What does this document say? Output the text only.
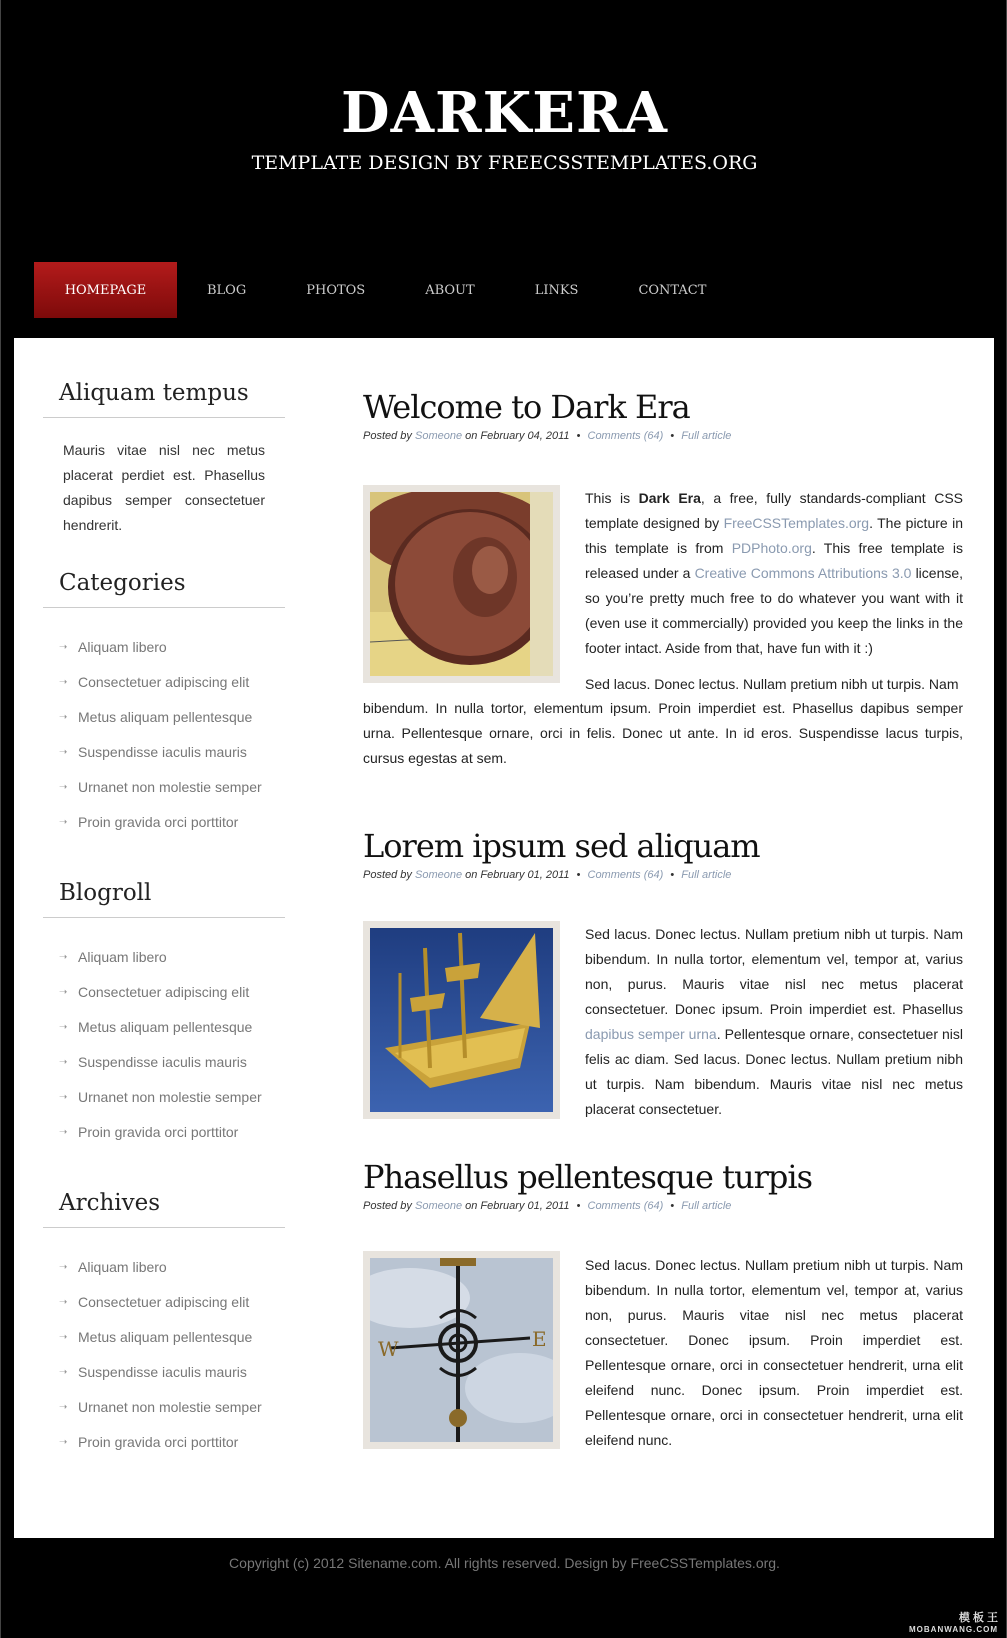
DARKERA
TEMPLATE DESIGN BY FREECSSTEMPLATES.ORG
HOMEPAGE	BLOG	PHOTOS	ABOUT	LINKS	CONTACT
Aliquam tempus
Mauris vitae nisl nec metus placerat perdiet est. Phasellus dapibus semper consectetuer hendrerit.
Categories
➝ Aliquam libero
➝ Consectetuer adipiscing elit
➝ Metus aliquam pellentesque
➝ Suspendisse iaculis mauris
➝ Urnanet non molestie semper
➝ Proin gravida orci porttitor
Blogroll
➝ Aliquam libero
➝ Consectetuer adipiscing elit
➝ Metus aliquam pellentesque
➝ Suspendisse iaculis mauris
➝ Urnanet non molestie semper
➝ Proin gravida orci porttitor
Archives
➝ Aliquam libero
➝ Consectetuer adipiscing elit
➝ Metus aliquam pellentesque
➝ Suspendisse iaculis mauris
➝ Urnanet non molestie semper
➝ Proin gravida orci porttitor
Welcome to Dark Era
Posted by Someone on February 04, 2011 • Comments (64) • Full article
This is Dark Era, a free, fully standards-compliant CSS template designed by FreeCSSTemplates.org. The picture in this template is from PDPhoto.org. This free template is released under a Creative Commons Attributions 3.0 license, so you’re pretty much free to do whatever you want with it (even use it commercially) provided you keep the links in the footer intact. Aside from that, have fun with it :)
Sed lacus. Donec lectus. Nullam pretium nibh ut turpis. Nam
bibendum. In nulla tortor, elementum ipsum. Proin imperdiet est. Phasellus dapibus semper urna. Pellentesque ornare, orci in felis. Donec ut ante. In id eros. Suspendisse lacus turpis, cursus egestas at sem.
Lorem ipsum sed aliquam
Posted by Someone on February 01, 2011 • Comments (64) • Full article
Sed lacus. Donec lectus. Nullam pretium nibh ut turpis. Nam bibendum. In nulla tortor, elementum vel, tempor at, varius non, purus. Mauris vitae nisl nec metus placerat consectetuer. Donec ipsum. Proin imperdiet est. Phasellus dapibus semper urna. Pellentesque ornare, consectetuer nisl felis ac diam. Sed lacus. Donec lectus. Nullam pretium nibh ut turpis. Nam bibendum. Mauris vitae nisl nec metus placerat consectetuer.
Phasellus pellentesque turpis
Posted by Someone on February 01, 2011 • Comments (64) • Full article
W	E
Sed lacus. Donec lectus. Nullam pretium nibh ut turpis. Nam bibendum. In nulla tortor, elementum vel, tempor at, varius non, purus. Mauris vitae nisl nec metus placerat consectetuer. Donec ipsum. Proin imperdiet est. Pellentesque ornare, orci in consectetuer hendrerit, urna elit eleifend nunc. Donec ipsum. Proin imperdiet est. Pellentesque ornare, orci in consectetuer hendrerit, urna elit eleifend nunc.
Copyright (c) 2012 Sitename.com. All rights reserved. Design by FreeCSSTemplates.org.
模 板 王
MOBANWANG.COM
